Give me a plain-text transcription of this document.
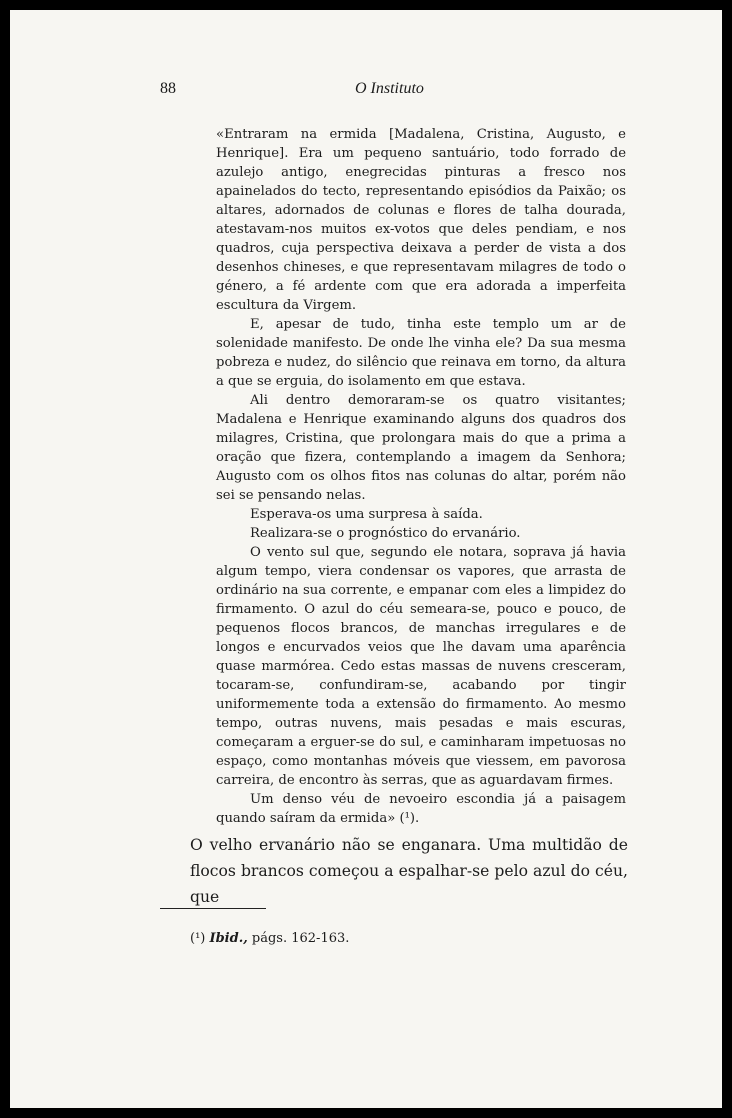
88	O Instituto

«Entraram na ermida [Madalena, Cristina, Augusto, e Henrique]. Era um pequeno santuário, todo forrado de azulejo antigo, enegrecidas pinturas a fresco nos apainelados do tecto, representando episódios da Paixão; os altares, adornados de colunas e flores de talha dourada, atestavam-nos muitos ex-votos que deles pendiam, e nos quadros, cuja perspectiva deixava a perder de vista a dos desenhos chineses, e que representavam milagres de todo o género, a fé ardente com que era adorada a imperfeita escultura da Virgem.

E, apesar de tudo, tinha este templo um ar de solenidade manifesto. De onde lhe vinha ele? Da sua mesma pobreza e nudez, do silêncio que reinava em torno, da altura a que se erguia, do isolamento em que estava.

Ali dentro demoraram-se os quatro visitantes; Madalena e Henrique examinando alguns dos quadros dos milagres, Cristina, que prolongara mais do que a prima a oração que fizera, contemplando a imagem da Senhora; Augusto com os olhos fitos nas colunas do altar, porém não sei se pensando nelas.

Esperava-os uma surpresa à saída.

Realizara-se o prognóstico do ervanário.

O vento sul que, segundo ele notara, soprava já havia algum tempo, viera condensar os vapores, que arrasta de ordinário na sua corrente, e empanar com eles a limpidez do firmamento. O azul do céu semeara-se, pouco e pouco, de pequenos flocos brancos, de manchas irregulares e de longos e encurvados veios que lhe davam uma aparência quase marmórea. Cedo estas massas de nuvens cresceram, tocaram-se, confundiram-se, acabando por tingir uniformemente toda a extensão do firmamento. Ao mesmo tempo, outras nuvens, mais pesadas e mais escuras, começaram a erguer-se do sul, e caminharam impetuosas no espaço, como montanhas móveis que viessem, em pavorosa carreira, de encontro às serras, que as aguardavam firmes.

Um denso véu de nevoeiro escondia já a paisagem quando saíram da ermida» (¹).

O velho ervanário não se enganara. Uma multidão de flocos brancos começou a espalhar-se pelo azul do céu, que

(¹) Ibid., págs. 162-163.
